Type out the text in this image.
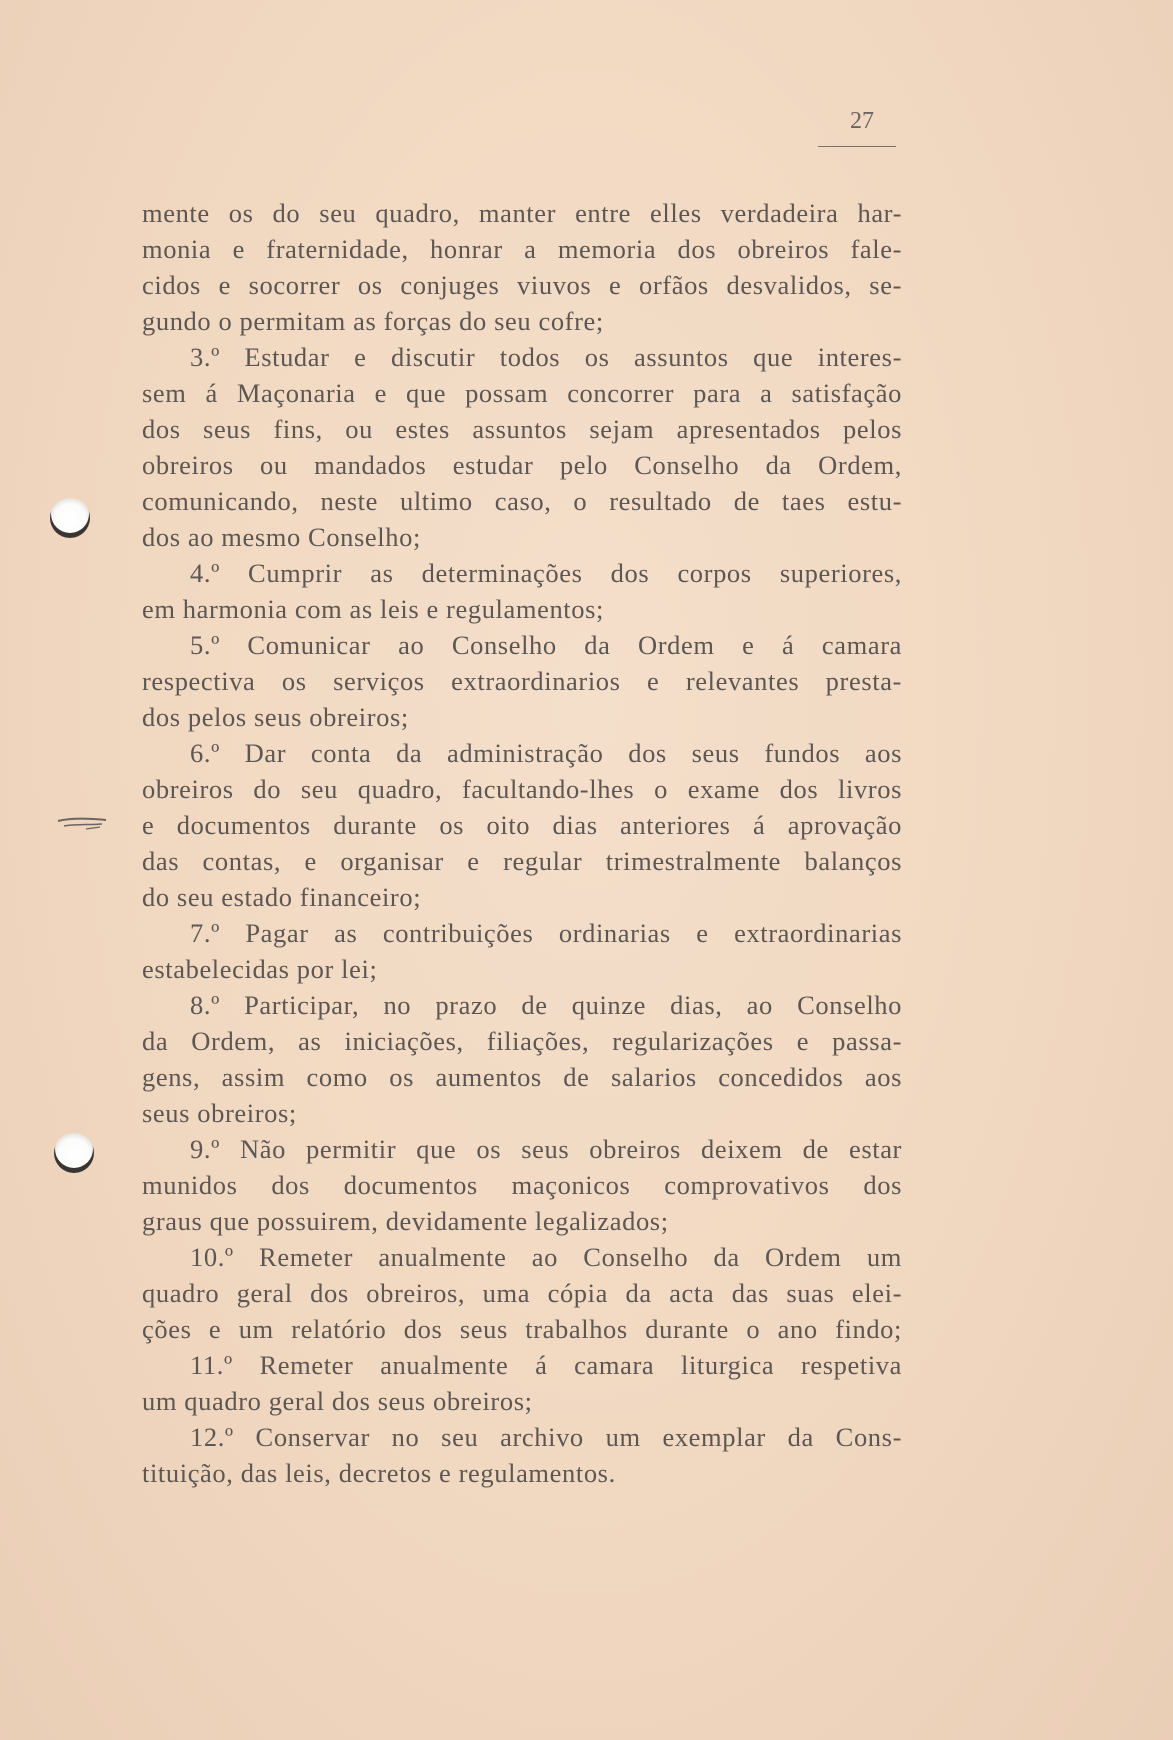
27
mente os do seu quadro, manter entre elles verdadeira har-
monia e fraternidade, honrar a memoria dos obreiros fale-
cidos e socorrer os conjuges viuvos e orfãos desvalidos, se-
gundo o permitam as forças do seu cofre;
3.º Estudar e discutir todos os assuntos que interes-
sem á Maçonaria e que possam concorrer para a satisfação
dos seus fins, ou estes assuntos sejam apresentados pelos
obreiros ou mandados estudar pelo Conselho da Ordem,
comunicando, neste ultimo caso, o resultado de taes estu-
dos ao mesmo Conselho;
4.º Cumprir as determinações dos corpos superiores,
em harmonia com as leis e regulamentos;
5.º Comunicar ao Conselho da Ordem e á camara
respectiva os serviços extraordinarios e relevantes presta-
dos pelos seus obreiros;
6.º Dar conta da administração dos seus fundos aos
obreiros do seu quadro, facultando-lhes o exame dos livros
e documentos durante os oito dias anteriores á aprovação
das contas, e organisar e regular trimestralmente balanços
do seu estado financeiro;
7.º Pagar as contribuições ordinarias e extraordinarias
estabelecidas por lei;
8.º Participar, no prazo de quinze dias, ao Conselho
da Ordem, as iniciações, filiações, regularizações e passa-
gens, assim como os aumentos de salarios concedidos aos
seus obreiros;
9.º Não permitir que os seus obreiros deixem de estar
munidos dos documentos maçonicos comprovativos dos
graus que possuirem, devidamente legalizados;
10.º Remeter anualmente ao Conselho da Ordem um
quadro geral dos obreiros, uma cópia da acta das suas elei-
ções e um relatório dos seus trabalhos durante o ano findo;
11.º Remeter anualmente á camara liturgica respetiva
um quadro geral dos seus obreiros;
12.º Conservar no seu archivo um exemplar da Cons-
tituição, das leis, decretos e regulamentos.
